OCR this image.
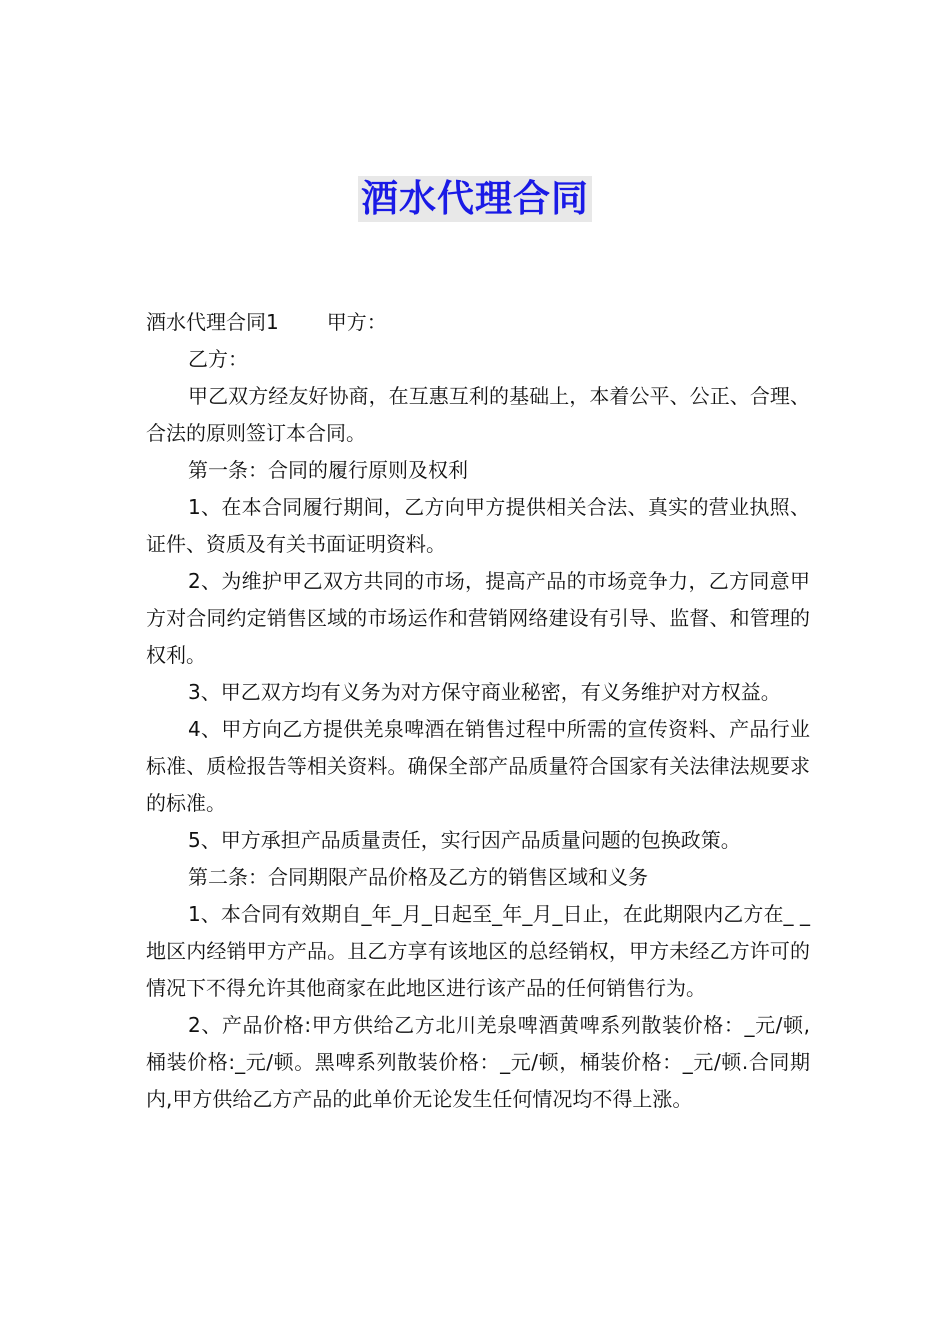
酒水代理合同

酒水代理合同1 甲方：

乙方：

甲乙双方经友好协商，在互惠互利的基础上，本着公平、公正、合理、合法的原则签订本合同。

第一条：合同的履行原则及权利

1、在本合同履行期间，乙方向甲方提供相关合法、真实的营业执照、证件、资质及有关书面证明资料。

2、为维护甲乙双方共同的市场，提高产品的市场竞争力，乙方同意甲方对合同约定销售区域的市场运作和营销网络建设有引导、监督、和管理的权利。

3、甲乙双方均有义务为对方保守商业秘密，有义务维护对方权益。

4、甲方向乙方提供羌泉啤酒在销售过程中所需的宣传资料、产品行业标准、质检报告等相关资料。确保全部产品质量符合国家有关法律法规要求的标准。

5、甲方承担产品质量责任，实行因产品质量问题的包换政策。

第二条：合同期限产品价格及乙方的销售区域和义务

1、本合同有效期自_年_月_日起至_年_月_日止，在此期限内乙方在_ _地区内经销甲方产品。且乙方享有该地区的总经销权，甲方未经乙方许可的情况下不得允许其他商家在此地区进行该产品的任何销售行为。

2、产品价格:甲方供给乙方北川羌泉啤酒黄啤系列散装价格：_元/顿,桶装价格:_元/顿。黑啤系列散装价格：_元/顿，桶装价格：_元/顿.合同期内,甲方供给乙方产品的此单价无论发生任何情况均不得上涨。
